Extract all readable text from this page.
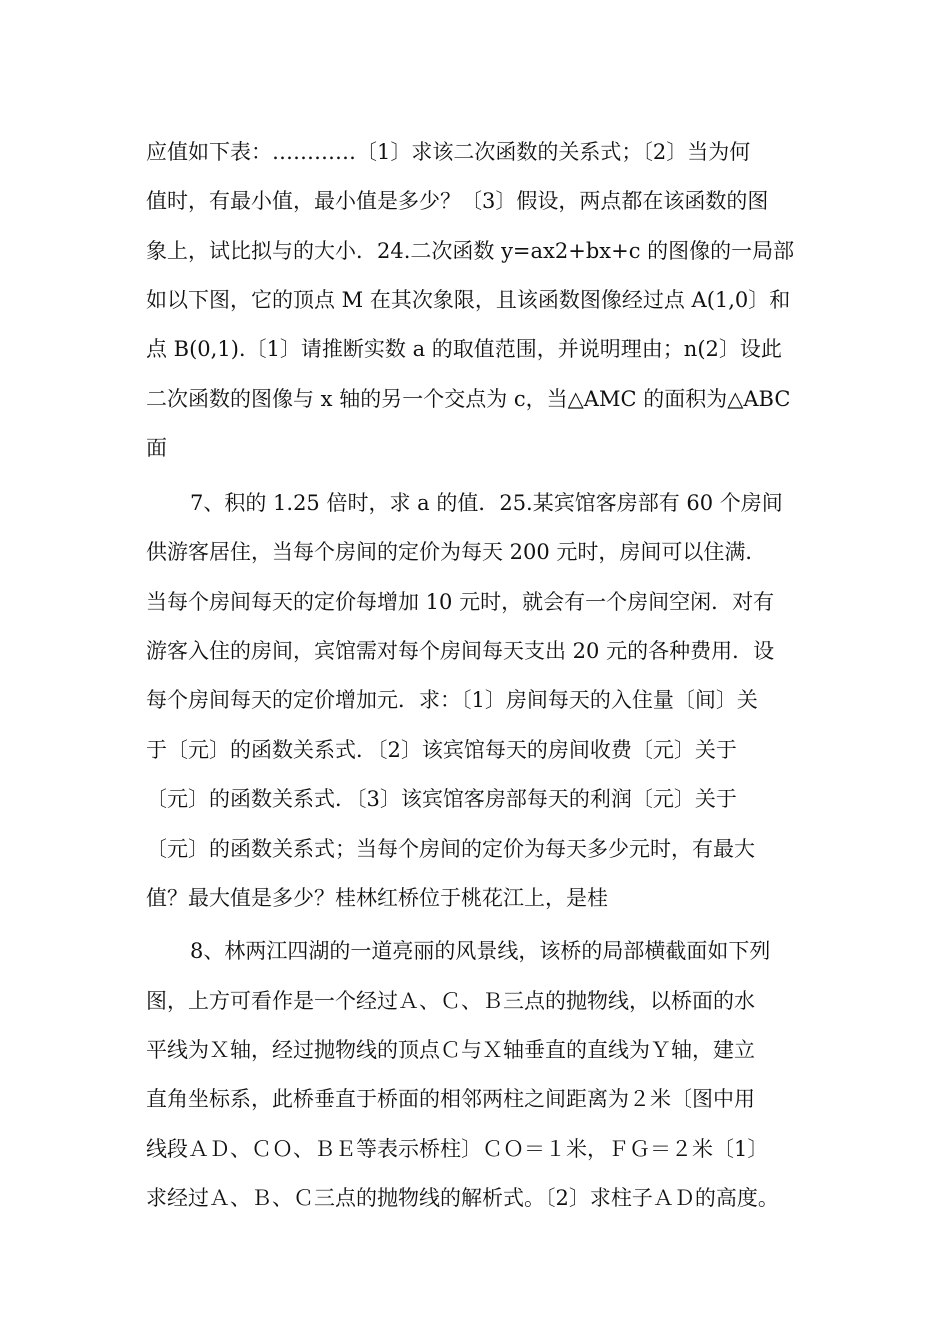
应值如下表：…………〔1〕求该二次函数的关系式；〔2〕当为何
值时，有最小值，最小值是多少？〔3〕假设，两点都在该函数的图
象上，试比拟与的大小．24.二次函数 y=ax2+bx+c 的图像的一局部
如以下图，它的顶点 M 在其次象限，且该函数图像经过点 A(1,0〕和
点 B(0,1).〔1〕请推断实数 a 的取值范围，并说明理由；n(2〕设此
二次函数的图像与 x 轴的另一个交点为 c，当△AMC 的面积为△ABC
面
7、积的 1.25 倍时，求 a 的值．25.某宾馆客房部有 60 个房间
供游客居住，当每个房间的定价为每天 200 元时，房间可以住满．
当每个房间每天的定价每增加 10 元时，就会有一个房间空闲．对有
游客入住的房间，宾馆需对每个房间每天支出 20 元的各种费用．设
每个房间每天的定价增加元．求：〔1〕房间每天的入住量〔间〕关
于〔元〕的函数关系式．〔2〕该宾馆每天的房间收费〔元〕关于
〔元〕的函数关系式．〔3〕该宾馆客房部每天的利润〔元〕关于
〔元〕的函数关系式；当每个房间的定价为每天多少元时，有最大
值？最大值是多少？桂林红桥位于桃花江上，是桂
8、林两江四湖的一道亮丽的风景线，该桥的局部横截面如下列
图，上方可看作是一个经过Ａ、Ｃ、Ｂ三点的抛物线，以桥面的水
平线为Ｘ轴，经过抛物线的顶点Ｃ与Ｘ轴垂直的直线为Ｙ轴，建立
直角坐标系，此桥垂直于桥面的相邻两柱之间距离为２米〔图中用
线段ＡＤ、ＣＯ、ＢＥ等表示桥柱〕ＣＯ＝１米，ＦＧ＝２米〔1〕
求经过Ａ、Ｂ、Ｃ三点的抛物线的解析式。〔2〕求柱子ＡＤ的高度。
